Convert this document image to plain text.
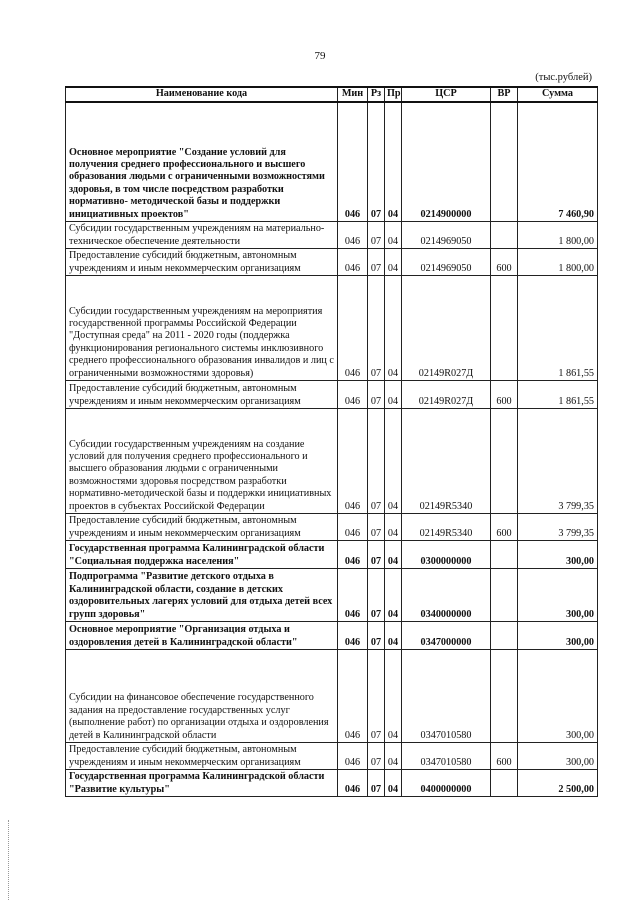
79
(тыс.рублей)
Наименование кода	Мин	Рз	Пр	ЦСР	ВР	Сумма
Основное мероприятие "Создание условий для получения среднего профессионального и высшего образования людьми с ограниченными возможностями здоровья, в том числе посредством разработки нормативно- методической базы и поддержки инициативных проектов"	046	07	04	0214900000		7 460,90
Субсидии государственным учреждениям на материально-техническое обеспечение деятельности	046	07	04	0214969050		1 800,00
Предоставление субсидий бюджетным, автономным учреждениям и иным некоммерческим организациям	046	07	04	0214969050	600	1 800,00
Субсидии государственным учреждениям на мероприятия государственной программы Российской Федерации "Доступная среда" на 2011 - 2020 годы (поддержка функционирования регионального системы инклюзивного среднего профессионального образования инвалидов и лиц с ограниченными возможностями здоровья)	046	07	04	02149R027Д		1 861,55
Предоставление субсидий бюджетным, автономным учреждениям и иным некоммерческим организациям	046	07	04	02149R027Д	600	1 861,55
Субсидии государственным учреждениям на создание условий для получения среднего профессионального и высшего образования людьми с ограниченными возможностями здоровья посредством разработки нормативно-методической базы и поддержки инициативных проектов в субъектах Российской Федерации	046	07	04	02149R5340		3 799,35
Предоставление субсидий бюджетным, автономным учреждениям и иным некоммерческим организациям	046	07	04	02149R5340	600	3 799,35
Государственная программа Калининградской области "Социальная поддержка населения"	046	07	04	0300000000		300,00
Подпрограмма "Развитие детского отдыха в Калининградской области, создание в детских оздоровительных лагерях условий для отдыха детей всех групп здоровья"	046	07	04	0340000000		300,00
Основное мероприятие "Организация отдыха и оздоровления детей в Калининградской области"	046	07	04	0347000000		300,00
Субсидии на финансовое обеспечение государственного задания на предоставление государственных услуг (выполнение работ) по организации отдыха и оздоровления детей в Калининградской области	046	07	04	0347010580		300,00
Предоставление субсидий бюджетным, автономным учреждениям и иным некоммерческим организациям	046	07	04	0347010580	600	300,00
Государственная программа Калининградской области "Развитие культуры"	046	07	04	0400000000		2 500,00
